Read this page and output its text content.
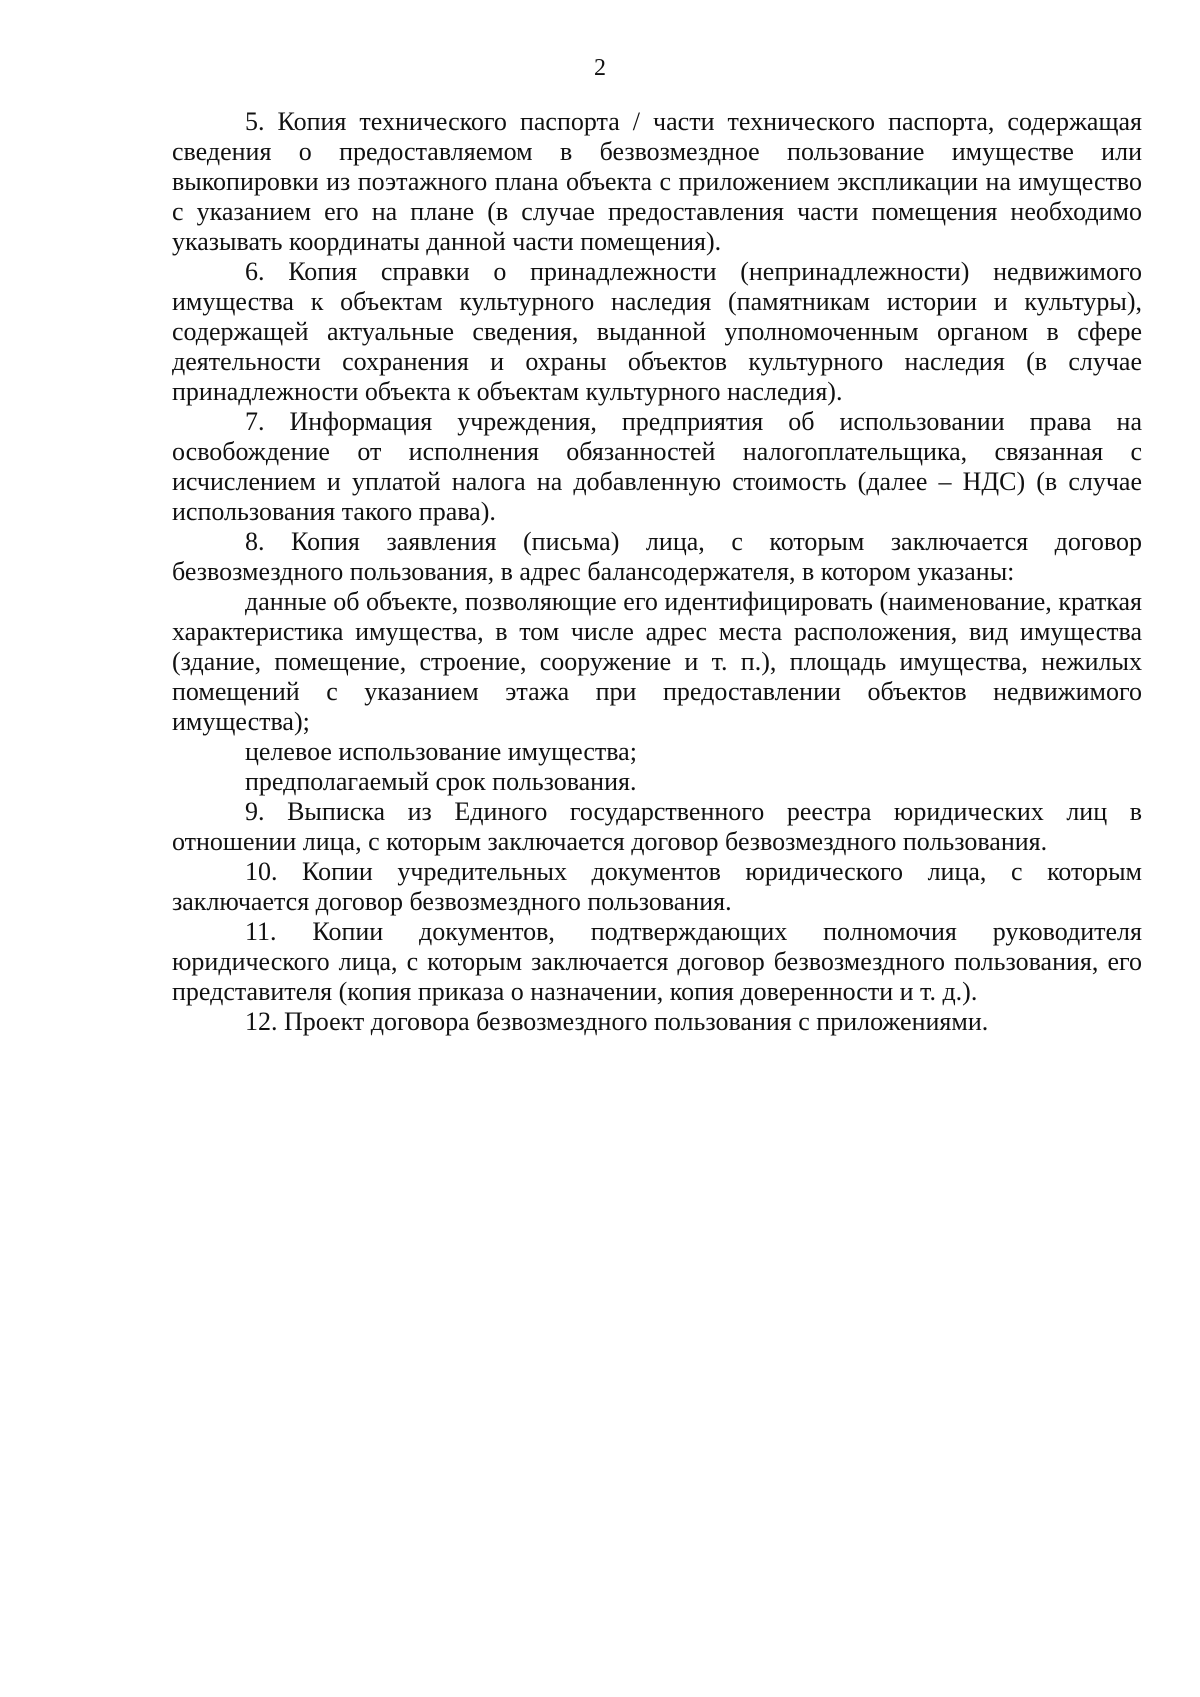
2

5. Копия технического паспорта / части технического паспорта, содержащая сведения о предоставляемом в безвозмездное пользование имуществе или выкопировки из поэтажного плана объекта с приложением экспликации на имущество с указанием его на плане (в случае предоставления части помещения необходимо указывать координаты данной части помещения).

6. Копия справки о принадлежности (непринадлежности) недвижимого имущества к объектам культурного наследия (памятникам истории и культуры), содержащей актуальные сведения, выданной уполномоченным органом в сфере деятельности сохранения и охраны объектов культурного наследия (в случае принадлежности объекта к объектам культурного наследия).

7. Информация учреждения, предприятия об использовании права на освобождение от исполнения обязанностей налогоплательщика, связанная с исчислением и уплатой налога на добавленную стоимость (далее – НДС) (в случае использования такого права).

8. Копия заявления (письма) лица, с которым заключается договор безвозмездного пользования, в адрес балансодержателя, в котором указаны:

данные об объекте, позволяющие его идентифицировать (наименование, краткая характеристика имущества, в том числе адрес места расположения, вид имущества (здание, помещение, строение, сооружение и т. п.), площадь имущества, нежилых помещений с указанием этажа при предоставлении объектов недвижимого имущества);

целевое использование имущества;

предполагаемый срок пользования.

9. Выписка из Единого государственного реестра юридических лиц в отношении лица, с которым заключается договор безвозмездного пользования.

10. Копии учредительных документов юридического лица, с которым заключается договор безвозмездного пользования.

11. Копии документов, подтверждающих полномочия руководителя юридического лица, с которым заключается договор безвозмездного пользования, его представителя (копия приказа о назначении, копия доверенности и т. д.).

12. Проект договора безвозмездного пользования с приложениями.
